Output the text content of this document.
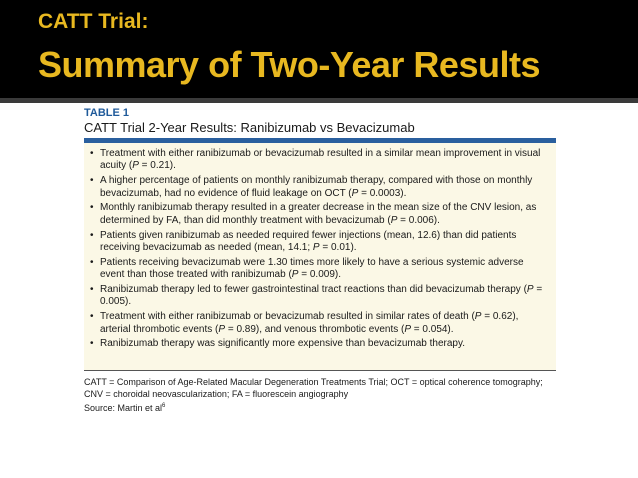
CATT Trial:
Summary of Two-Year Results
TABLE 1
CATT Trial 2-Year Results: Ranibizumab vs Bevacizumab
• Treatment with either ranibizumab or bevacizumab resulted in a similar mean improvement in visual acuity (P = 0.21).
• A higher percentage of patients on monthly ranibizumab therapy, compared with those on monthly bevacizumab, had no evidence of fluid leakage on OCT (P = 0.0003).
• Monthly ranibizumab therapy resulted in a greater decrease in the mean size of the CNV lesion, as determined by FA, than did monthly treatment with bevacizumab (P = 0.006).
• Patients given ranibizumab as needed required fewer injections (mean, 12.6) than did patients receiving bevacizumab as needed (mean, 14.1; P = 0.01).
• Patients receiving bevacizumab were 1.30 times more likely to have a serious systemic adverse event than those treated with ranibizumab (P = 0.009).
• Ranibizumab therapy led to fewer gastrointestinal tract reactions than did bevacizumab therapy (P = 0.005).
• Treatment with either ranibizumab or bevacizumab resulted in similar rates of death (P = 0.62), arterial thrombotic events (P = 0.89), and venous thrombotic events (P = 0.054).
• Ranibizumab therapy was significantly more expensive than bevacizumab therapy.
CATT = Comparison of Age-Related Macular Degeneration Treatments Trial; OCT = optical coherence tomography; CNV = choroidal neovascularization; FA = fluorescein angiography
Source: Martin et $al^6$
